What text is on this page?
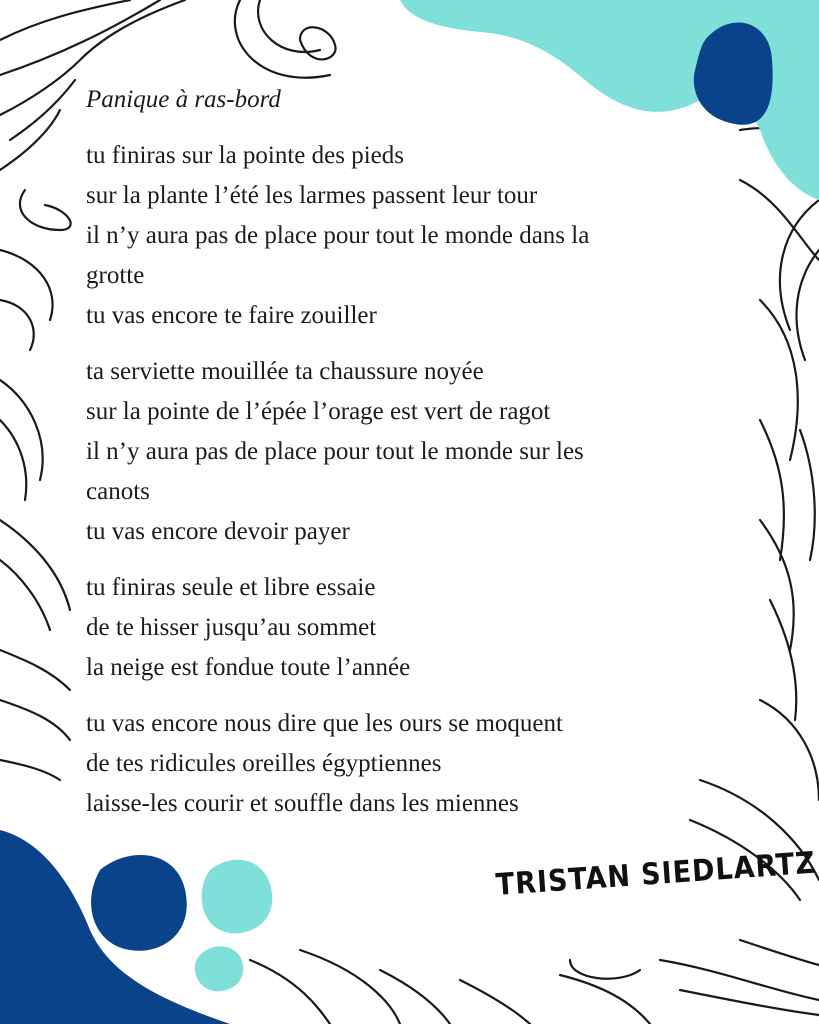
Panique à ras-bord
tu finiras sur la pointe des pieds
sur la plante l’été les larmes passent leur tour
il n’y aura pas de place pour tout le monde dans la
grotte
tu vas encore te faire zouiller
ta serviette mouillée ta chaussure noyée
sur la pointe de l’épée l’orage est vert de ragot
il n’y aura pas de place pour tout le monde sur les
canots
tu vas encore devoir payer
tu finiras seule et libre essaie
de te hisser jusqu’au sommet
la neige est fondue toute l’année
tu vas encore nous dire que les ours se moquent
de tes ridicules oreilles égyptiennes
laisse-les courir et souffle dans les miennes
TRISTAN SIEDLARTZ
